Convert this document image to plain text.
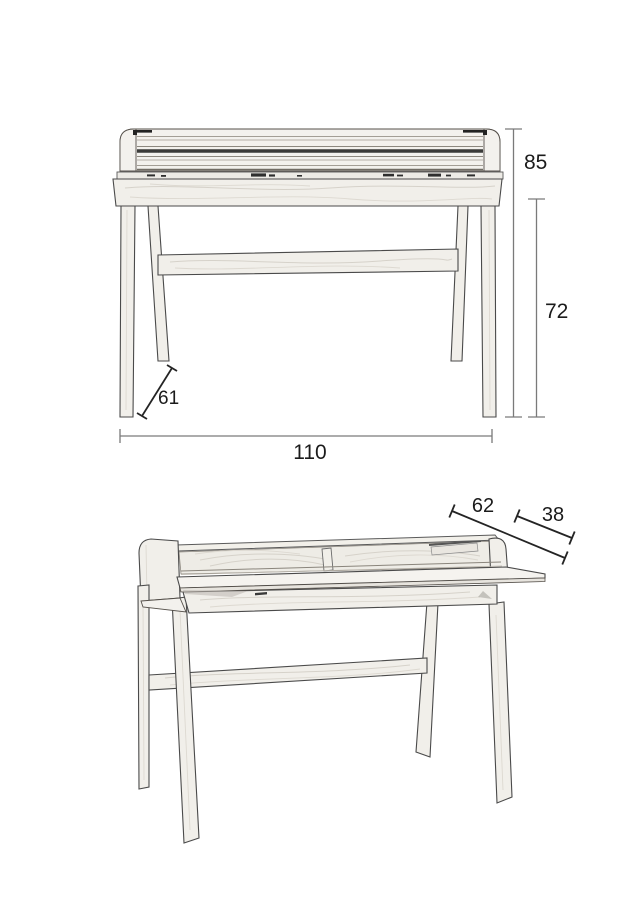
85
72
61
110
62 38
